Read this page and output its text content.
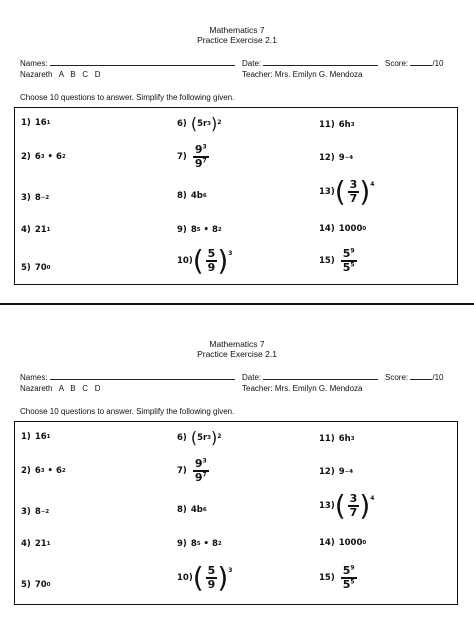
Mathematics 7
Practice Exercise 2.1
Names:	Date:	Score:	/10
Nazareth   A   B   C   D	Teacher: Mrs. Emilyn G. Mendoza
Choose 10 questions to answer. Simplify the following given.
1) 16 1
2) 6 3
•
6 2
3) 8 −2
4) 21 1
5) 70 0
6) ( 5r 3 ) 2
$7) \frac{9^3}{9^7}$
8) 4b 6
9) 8 5
•
8 2
10) ( $\frac{5}{9}$ ) 3
11) 6h 3
12) 9 −4
13) ( $\frac{3}{7}$ ) 4
14) 1000 0
$15) \frac{5^9}{5^5}$
Mathematics 7
Practice Exercise 2.1
Names:	Date:	Score:	/10
Nazareth   A   B   C   D	Teacher: Mrs. Emilyn G. Mendoza
Choose 10 questions to answer. Simplify the following given.
1) 16 1
2) 6 3
•
6 2
3) 8 −2
4) 21 1
5) 70 0
6) ( 5r 3 ) 2
$7) \frac{9^3}{9^7}$
8) 4b 6
9) 8 5
•
8 2
10) ( $\frac{5}{9}$ ) 3
11) 6h 3
12) 9 −4
13) ( $\frac{3}{7}$ ) 4
14) 1000 0
$15) \frac{5^9}{5^5}$
